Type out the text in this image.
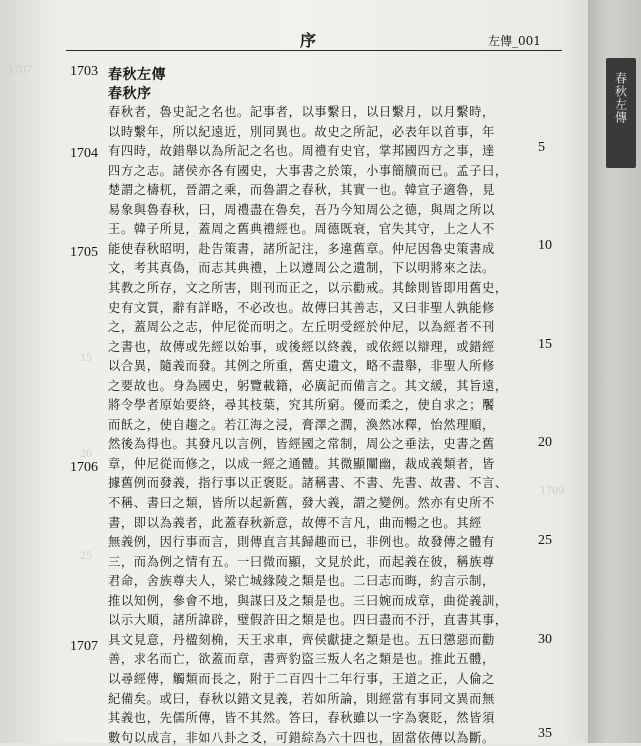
春秋左傳
序	左傳_001
1707
15
20
25
1709
1703
1704
1705
1706
1707
5
10
15
20
25
30
35
春秋左傳
春秋序
春秋者，魯史記之名也。記事者，以事繫日，以日繫月，以月繫時，
以時繫年，所以紀遠近，別同異也。故史之所記，必表年以首事，年
有四時，故錯舉以為所記之名也。周禮有史官，掌邦國四方之事，達
四方之志。諸侯亦各有國史，大事書之於策，小事簡牘而已。孟子曰，
楚謂之檮杌，晉謂之乘，而魯謂之春秋，其實一也。韓宣子適魯，見
易象與魯春秋，曰，周禮盡在魯矣，吾乃今知周公之德，與周之所以
王。韓子所見，蓋周之舊典禮經也。周德既衰，官失其守，上之人不
能使春秋昭明，赴告策書，諸所記注，多違舊章。仲尼因魯史策書成
文，考其真偽，而志其典禮，上以遵周公之遺制，下以明將來之法。
其教之所存，文之所害，則刊而正之，以示勸戒。其餘則皆即用舊史，
史有文質，辭有詳略，不必改也。故傳曰其善志，又曰非聖人孰能修
之，蓋周公之志，仲尼從而明之。左丘明受經於仲尼，以為經者不刊
之書也，故傳或先經以始事，或後經以終義，或依經以辯理，或錯經
以合異，隨義而發。其例之所重，舊史遺文，略不盡舉，非聖人所修
之要故也。身為國史，躬覽載籍，必廣記而備言之。其文緩，其旨遠，
將令學者原始要終，尋其枝葉，究其所窮。優而柔之，使自求之；饜
而飫之，使自趨之。若江海之浸，膏澤之潤，渙然冰釋，怡然理順，
然後為得也。其發凡以言例，皆經國之常制，周公之垂法，史書之舊
章，仲尼從而修之，以成一經之通體。其微顯闡幽，裁成義類者，皆
據舊例而發義，指行事以正褒貶。諸稱書、不書、先書、故書、不言、
不稱、書曰之類，皆所以起新舊，發大義，謂之變例。然亦有史所不
書，即以為義者，此蓋春秋新意，故傳不言凡，曲而暢之也。其經
無義例，因行事而言，則傳直言其歸趣而已，非例也。故發傳之體有
三，而為例之情有五。一曰微而顯，文見於此，而起義在彼，稱族尊
君命，舍族尊夫人，梁亡城緣陵之類是也。二曰志而晦，約言示制，
推以知例，參會不地，與謀曰及之類是也。三曰婉而成章，曲從義訓，
以示大順，諸所諱辟，璧假許田之類是也。四曰盡而不汙，直書其事，
具文見意，丹楹刻桷，天王求車，齊侯獻捷之類是也。五曰懲惡而勸
善，求名而亡，欲蓋而章，書齊豹盜三叛人名之類是也。推此五體，
以尋經傳，觸類而長之，附于二百四十二年行事，王道之正，人倫之
紀備矣。或曰，春秋以錯文見義，若如所論，則經當有事同文異而無
其義也，先儒所傳，皆不其然。答曰，春秋雖以一字為褒貶，然皆須
數句以成言，非如八卦之爻，可錯綜為六十四也，固當依傳以為斷。
